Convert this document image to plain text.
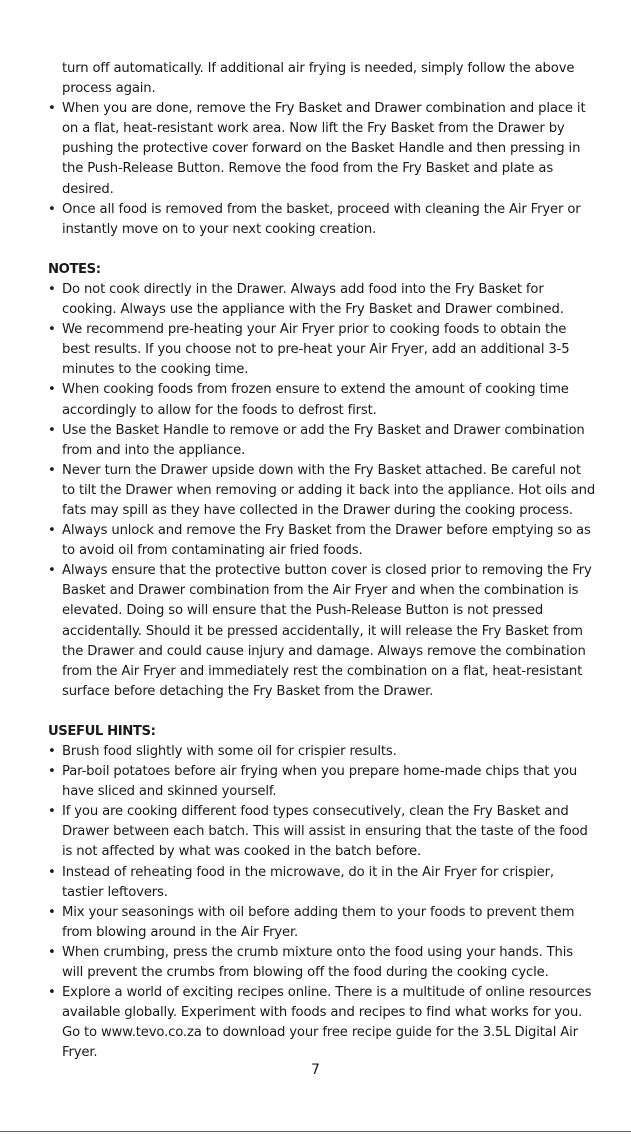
turn off automatically. If additional air frying is needed, simply follow the above process again.

• When you are done, remove the Fry Basket and Drawer combination and place it on a flat, heat-resistant work area. Now lift the Fry Basket from the Drawer by pushing the protective cover forward on the Basket Handle and then pressing in the Push-Release Button. Remove the food from the Fry Basket and plate as desired.
• Once all food is removed from the basket, proceed with cleaning the Air Fryer or instantly move on to your next cooking creation.

NOTES:

• Do not cook directly in the Drawer. Always add food into the Fry Basket for cooking. Always use the appliance with the Fry Basket and Drawer combined.
• We recommend pre-heating your Air Fryer prior to cooking foods to obtain the best results. If you choose not to pre-heat your Air Fryer, add an additional 3-5 minutes to the cooking time.
• When cooking foods from frozen ensure to extend the amount of cooking time accordingly to allow for the foods to defrost first.
• Use the Basket Handle to remove or add the Fry Basket and Drawer combination from and into the appliance.
• Never turn the Drawer upside down with the Fry Basket attached. Be careful not to tilt the Drawer when removing or adding it back into the appliance. Hot oils and fats may spill as they have collected in the Drawer during the cooking process.
• Always unlock and remove the Fry Basket from the Drawer before emptying so as to avoid oil from contaminating air fried foods.
• Always ensure that the protective button cover is closed prior to removing the Fry Basket and Drawer combination from the Air Fryer and when the combination is elevated. Doing so will ensure that the Push-Release Button is not pressed accidentally. Should it be pressed accidentally, it will release the Fry Basket from the Drawer and could cause injury and damage. Always remove the combination from the Air Fryer and immediately rest the combination on a flat, heat-resistant surface before detaching the Fry Basket from the Drawer.

USEFUL HINTS:

• Brush food slightly with some oil for crispier results.
• Par-boil potatoes before air frying when you prepare home-made chips that you have sliced and skinned yourself.
• If you are cooking different food types consecutively, clean the Fry Basket and Drawer between each batch. This will assist in ensuring that the taste of the food is not affected by what was cooked in the batch before.
• Instead of reheating food in the microwave, do it in the Air Fryer for crispier, tastier leftovers.
• Mix your seasonings with oil before adding them to your foods to prevent them from blowing around in the Air Fryer.
• When crumbing, press the crumb mixture onto the food using your hands. This will prevent the crumbs from blowing off the food during the cooking cycle.
• Explore a world of exciting recipes online. There is a multitude of online resources available globally. Experiment with foods and recipes to find what works for you. Go to www.tevo.co.za to download your free recipe guide for the 3.5L Digital Air Fryer.
7
